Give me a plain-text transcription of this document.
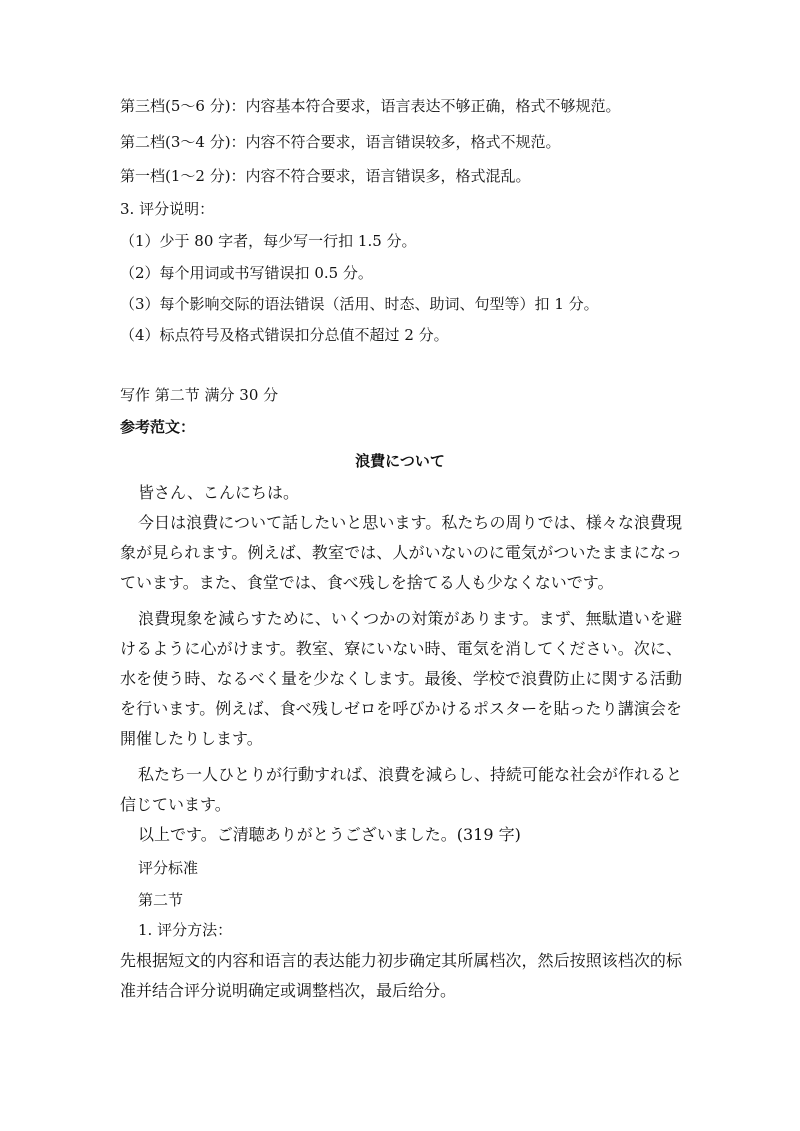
第三档(5～6 分)：内容基本符合要求，语言表达不够正确，格式不够规范。
第二档(3～4 分)：内容不符合要求，语言错误较多，格式不规范。
第一档(1～2 分)：内容不符合要求，语言错误多，格式混乱。
3. 评分说明：
（1）少于 80 字者，每少写一行扣 1.5 分。
（2）每个用词或书写错误扣 0.5 分。
（3）每个影响交际的语法错误（活用、时态、助词、句型等）扣 1 分。
（4）标点符号及格式错误扣分总值不超过 2 分。
写作 第二节 满分 30 分
参考范文：
浪費について
皆さん、こんにちは。
今日は浪費について話したいと思います。私たちの周りでは、様々な浪費現象が見られます。例えば、教室では、人がいないのに電気がついたままになっています。また、食堂では、食べ残しを捨てる人も少なくないです。
浪費現象を減らすために、いくつかの対策があります。まず、無駄遣いを避けるように心がけます。教室、寮にいない時、電気を消してください。次に、水を使う時、なるべく量を少なくします。最後、学校で浪費防止に関する活動を行います。例えば、食べ残しゼロを呼びかけるポスターを貼ったり講演会を開催したりします。
私たち一人ひとりが行動すれば、浪費を減らし、持続可能な社会が作れると信じています。
以上です。ご清聴ありがとうございました。(319 字)
评分标准
第二节
1. 评分方法：
先根据短文的内容和语言的表达能力初步确定其所属档次，然后按照该档次的标准并结合评分说明确定或调整档次，最后给分。
